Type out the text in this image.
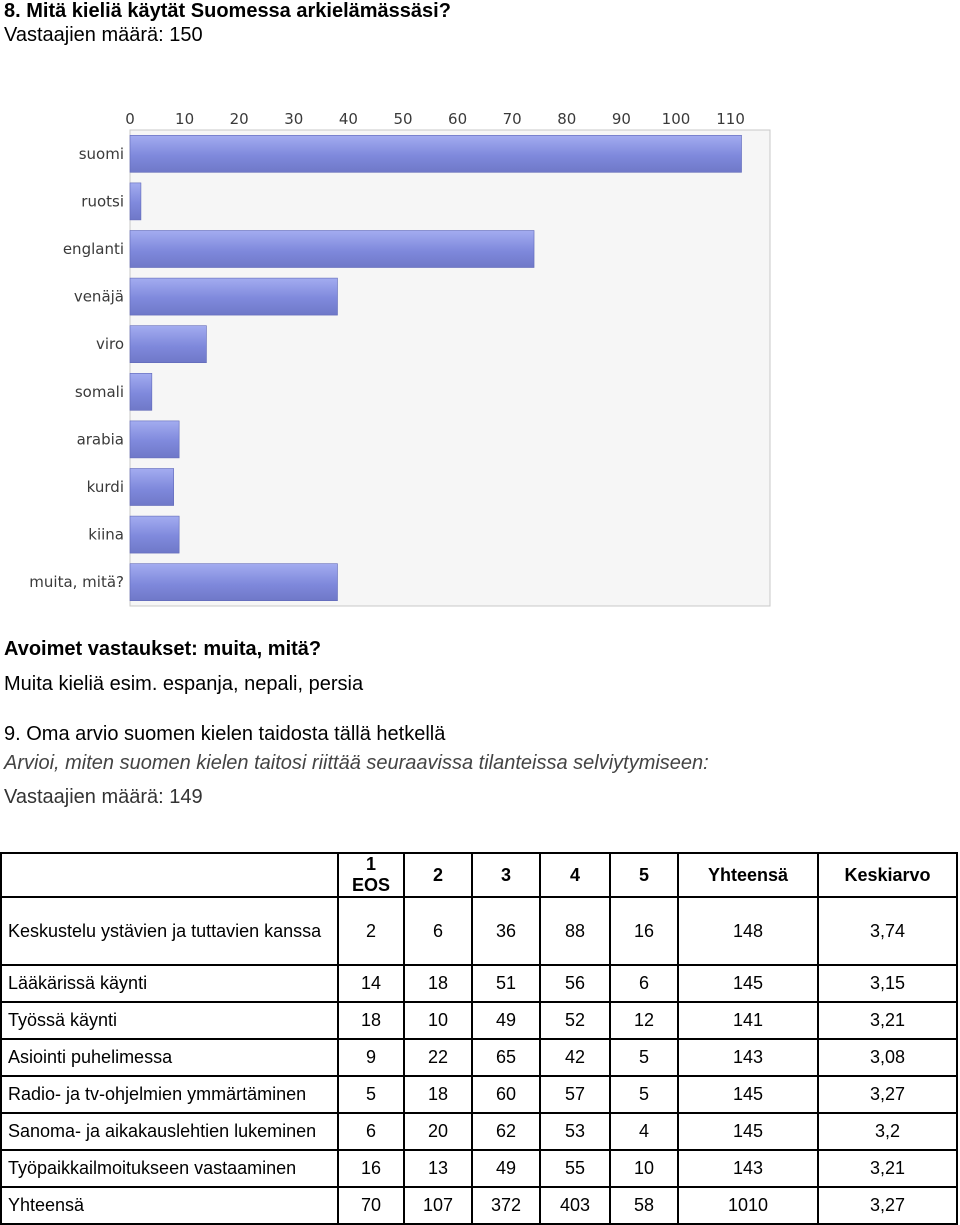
8. Mitä kieliä käytät Suomessa arkielämässäsi?
Vastaajien määrä: 150
0	10 20 30 40 50 60 70 80 90 100 110
suomi
ruotsi
englanti
venäjä
viro
somali
arabia
kurdi
kiina
muita, mitä?
Avoimet vastaukset: muita, mitä?
Muita kieliä esim. espanja, nepali, persia
9. Oma arvio suomen kielen taidosta tällä hetkellä
Arvioi, miten suomen kielen taitosi riittää seuraavissa tilanteissa selviytymiseen:
Vastaajien määrä: 149
	1 EOS	2	3	4	5	Yhteensä	Keskiarvo
Keskustelu ystävien ja tuttavien kanssa	2	6	36	88	16	148	3,74
Lääkärissä käynti	14	18	51	56	6	145	3,15
Työssä käynti	18	10	49	52	12	141	3,21
Asiointi puhelimessa	9	22	65	42	5	143	3,08
Radio- ja tv-ohjelmien ymmärtäminen	5	18	60	57	5	145	3,27
Sanoma- ja aikakauslehtien lukeminen	6	20	62	53	4	145	3,2
Työpaikkailmoitukseen vastaaminen	16	13	49	55	10	143	3,21
Yhteensä	70	107	372	403	58	1010	3,27
